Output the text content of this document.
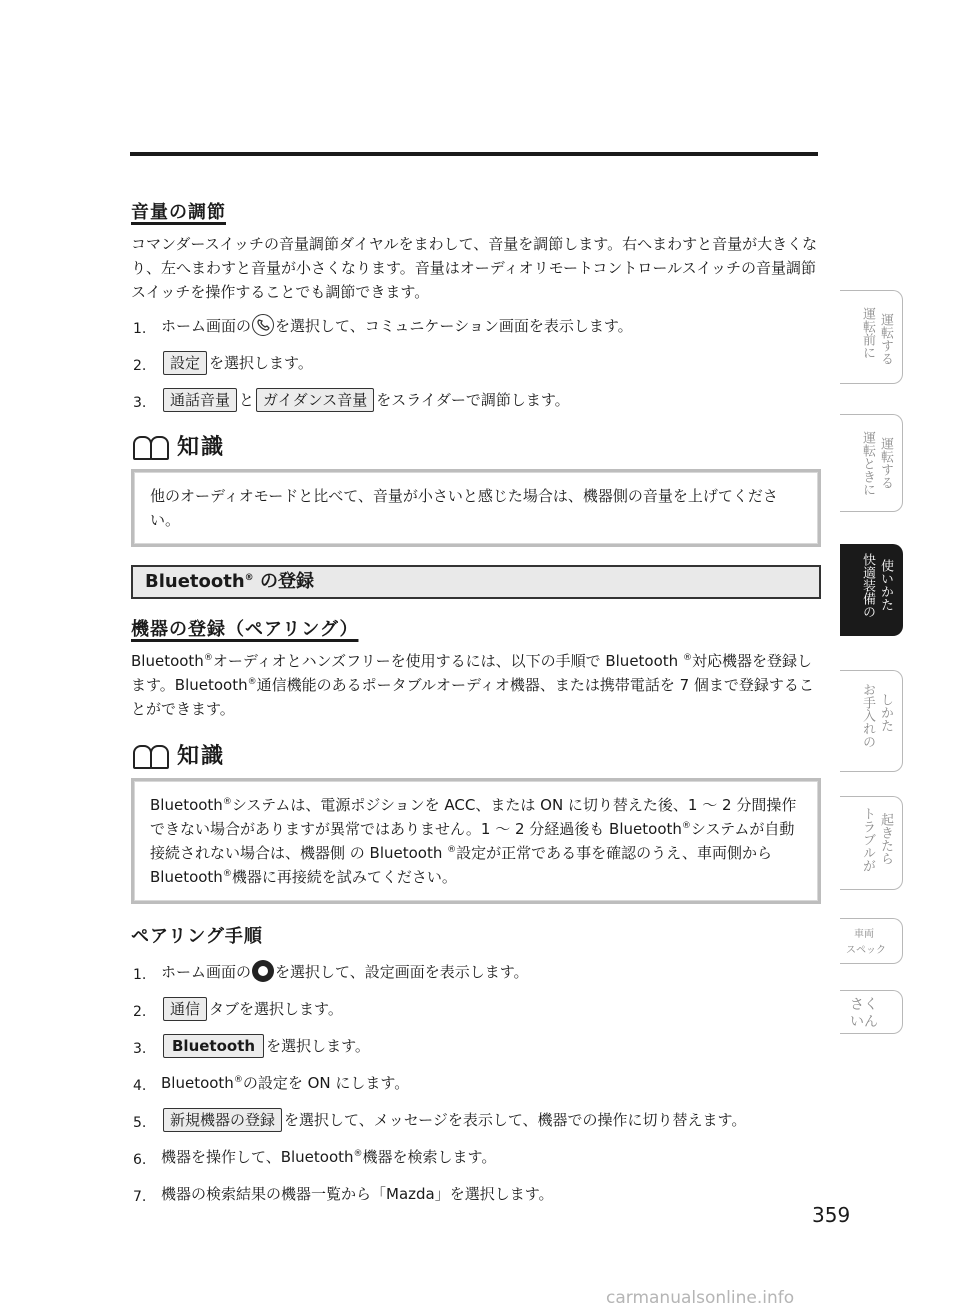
音量の調節

コマンダースイッチの音量調節ダイヤルをまわして、音量を調節します。右へまわすと音量が大きくなり、左へまわすと音量が小さくなります。音量はオーディオリモートコントロールスイッチの音量調節スイッチを操作することでも調節できます。

1. ホーム画面の を選択して、コミュニケーション画面を表示します。
2. 設定 を選択します。
3. 通話音量 と ガイダンス音量 をスライダーで調節します。
知識
他のオーディオモードと比べて、音量が小さいと感じた場合は、機器側の音量を上げてください。
Bluetooth® の登録
機器の登録（ペアリング）

Bluetooth®オーディオとハンズフリーを使用するには、以下の手順で Bluetooth ®対応機器を登録します。Bluetooth®通信機能のあるポータブルオーディオ機器、または携帯電話を 7 個まで登録することができます。

知識
Bluetooth®システムは、電源ポジションを ACC、または ON に切り替えた後、1 〜 2 分間操作できない場合がありますが異常ではありません。1 〜 2 分経過後も Bluetooth®システムが自動接続されない場合は、機器側 の Bluetooth ®設定が正常である事を確認のうえ、車両側から Bluetooth®機器に再接続を試みてください。
ペアリング手順
1. ホーム画面の を選択して、設定画面を表示します。
2. 通信 タブを選択します。
3. Bluetooth を選択します。
4. Bluetooth®の設定を ON にします。
5. 新規機器の登録 を選択して、メッセージを表示して、機器での操作に切り替えます。
6. 機器を操作して、Bluetooth®機器を検索します。
7. 機器の検索結果の機器一覧から「Mazda」を選択します。
運転前に 運転する
運転ときに 運転する
快適装備の 使いかた
お手入れの しかた
トラブルが 起きたら
車両
スペック
さく
いん
359
carmanualsonline.info
